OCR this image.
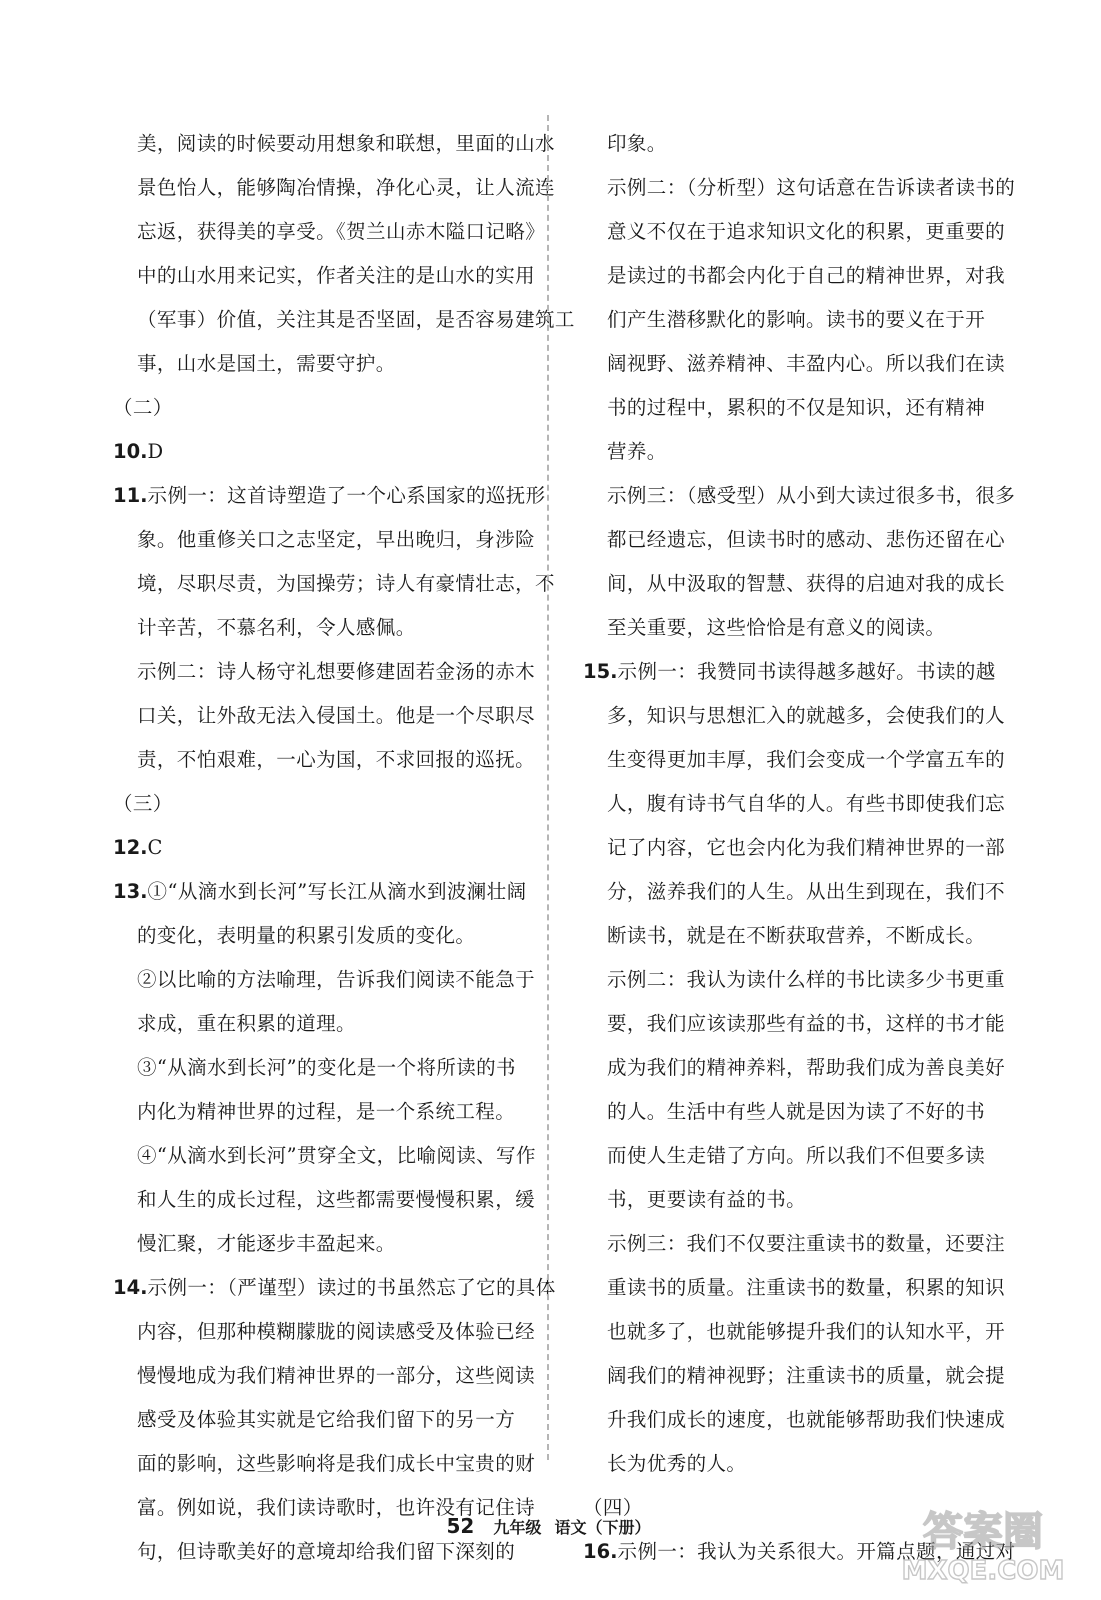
美，阅读的时候要动用想象和联想，里面的山水
景色怡人，能够陶冶情操，净化心灵，让人流连
忘返，获得美的享受。《贺兰山赤木隘口记略》
中的山水用来记实，作者关注的是山水的实用
（军事）价值，关注其是否坚固，是否容易建筑工
事，山水是国土，需要守护。
（二）
10.D
11.示例一：这首诗塑造了一个心系国家的巡抚形
象。他重修关口之志坚定，早出晚归，身涉险
境，尽职尽责，为国操劳；诗人有豪情壮志，不
计辛苦，不慕名利，令人感佩。
示例二：诗人杨守礼想要修建固若金汤的赤木
口关，让外敌无法入侵国土。他是一个尽职尽
责，不怕艰难，一心为国，不求回报的巡抚。
（三）
12.C
13.①“从滴水到长河”写长江从滴水到波澜壮阔
的变化，表明量的积累引发质的变化。
②以比喻的方法喻理，告诉我们阅读不能急于
求成，重在积累的道理。
③“从滴水到长河”的变化是一个将所读的书
内化为精神世界的过程，是一个系统工程。
④“从滴水到长河”贯穿全文，比喻阅读、写作
和人生的成长过程，这些都需要慢慢积累，缓
慢汇聚，才能逐步丰盈起来。
14.示例一：（严谨型）读过的书虽然忘了它的具体
内容，但那种模糊朦胧的阅读感受及体验已经
慢慢地成为我们精神世界的一部分，这些阅读
感受及体验其实就是它给我们留下的另一方
面的影响，这些影响将是我们成长中宝贵的财
富。例如说，我们读诗歌时，也许没有记住诗
句，但诗歌美好的意境却给我们留下深刻的
印象。
示例二：（分析型）这句话意在告诉读者读书的
意义不仅在于追求知识文化的积累，更重要的
是读过的书都会内化于自己的精神世界，对我
们产生潜移默化的影响。读书的要义在于开
阔视野、滋养精神、丰盈内心。所以我们在读
书的过程中，累积的不仅是知识，还有精神
营养。
示例三：（感受型）从小到大读过很多书，很多
都已经遗忘，但读书时的感动、悲伤还留在心
间，从中汲取的智慧、获得的启迪对我的成长
至关重要，这些恰恰是有意义的阅读。
15.示例一：我赞同书读得越多越好。书读的越
多，知识与思想汇入的就越多，会使我们的人
生变得更加丰厚，我们会变成一个学富五车的
人，腹有诗书气自华的人。有些书即使我们忘
记了内容，它也会内化为我们精神世界的一部
分，滋养我们的人生。从出生到现在，我们不
断读书，就是在不断获取营养，不断成长。
示例二：我认为读什么样的书比读多少书更重
要，我们应该读那些有益的书，这样的书才能
成为我们的精神养料，帮助我们成为善良美好
的人。生活中有些人就是因为读了不好的书
而使人生走错了方向。所以我们不但要多读
书，更要读有益的书。
示例三：我们不仅要注重读书的数量，还要注
重读书的质量。注重读书的数量，积累的知识
也就多了，也就能够提升我们的认知水平，开
阔我们的精神视野；注重读书的质量，就会提
升我们成长的速度，也就能够帮助我们快速成
长为优秀的人。
（四）
16.示例一：我认为关系很大。开篇点题，通过对
52 九年级 语文（下册）	答案圈
MXQE.COM
